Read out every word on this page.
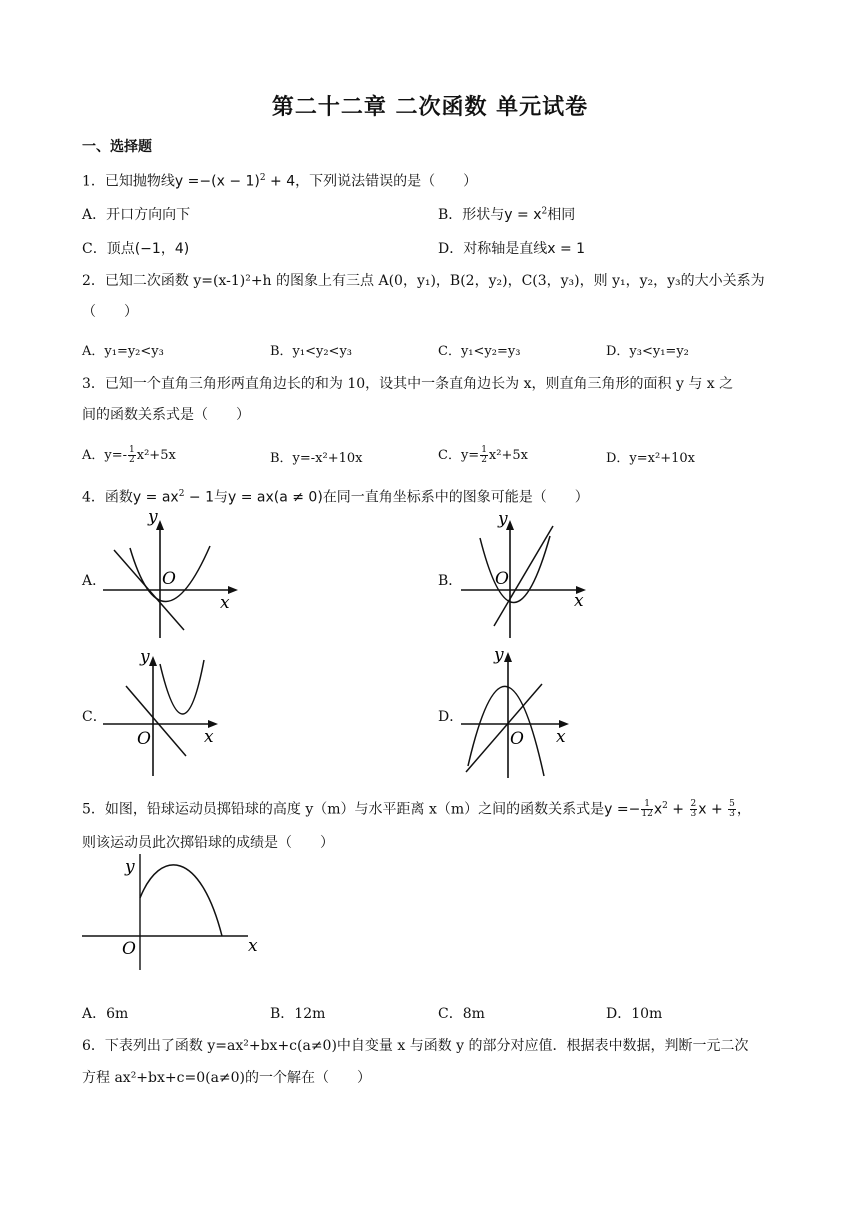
第二十二章 二次函数 单元试卷
一、选择题
1．已知抛物线$y =-(x - 1)^2 + 4$，下列说法错误的是（　　）
A．开口方向向下	B．形状与$y = x^2$相同
C．顶点(−1，4)	D．对称轴是直线x = 1
2．已知二次函数 y=(x-1)²+h 的图象上有三点 A(0，y₁)，B(2，y₂)，C(3，y₃)，则 y₁，y₂，y₃的大小关系为
（　　）
A．y₁=y₂<y₃	B．y₁<y₂<y₃	C．y₁<y₂=y₃	D．y₃<y₁=y₂
3．已知一个直角三角形两直角边长的和为 10，设其中一条直角边长为 x，则直角三角形的面积 y 与 x 之
间的函数关系式是（　　）
A．$y=- \frac{1}{2} x^2+5x$	B．y=-x²+10x	C．$y= \frac{1}{2} x^2+5x$	D．y=x²+10x
4．函数$y = ax^2 - 1$与y = ax(a ≠ 0)在同一直角坐标系中的图象可能是（　　）
A．	B．
C．	D．
y
x
O
y
x
O
y
x
O
y
x
O
5．如图，铅球运动员掷铅球的高度 y（m）与水平距离 x（m）之间的函数关系式是$y =- \frac{1}{12} x^2 + \frac{2}{3}$ $x + \frac{5}{3}$ ，
则该运动员此次掷铅球的成绩是（　　）
y
x
O
A．6m	B．12m	C．8m	D．10m
6．下表列出了函数 y=ax²+bx+c(a≠0)中自变量 x 与函数 y 的部分对应值．根据表中数据，判断一元二次
方程 ax²+bx+c=0(a≠0)的一个解在（　　）
